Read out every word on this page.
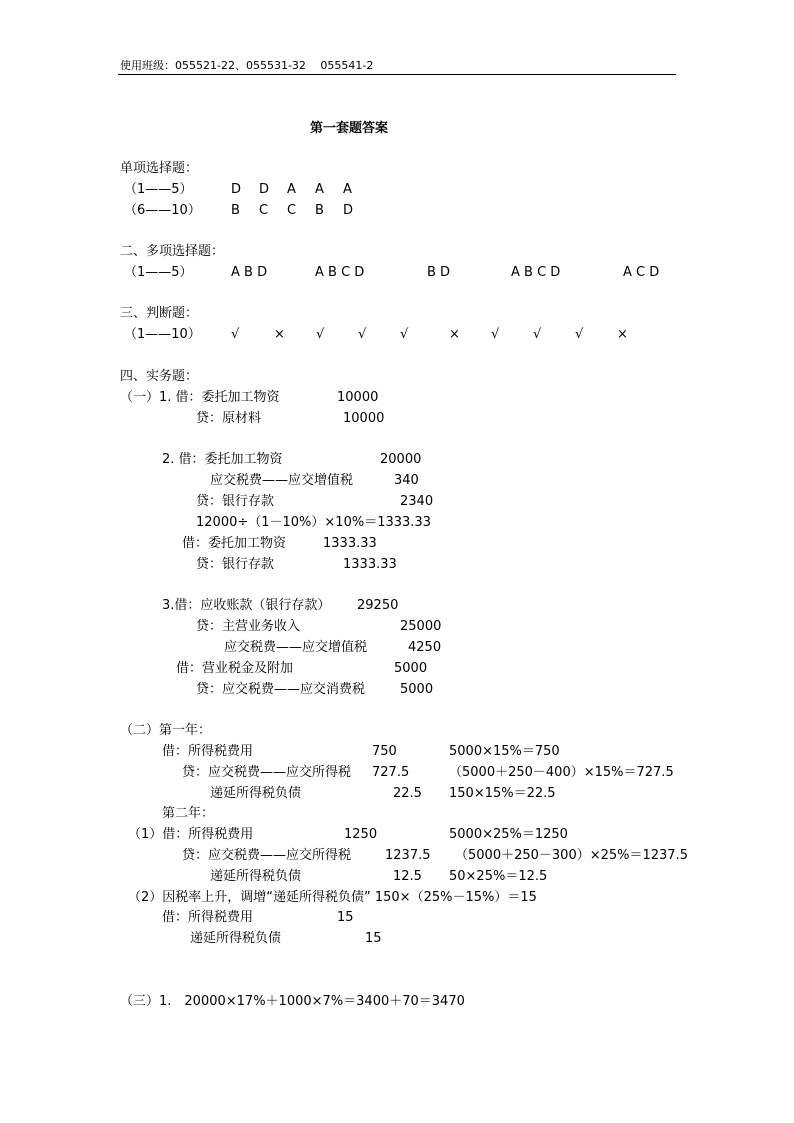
使用班级：055521-22、055531-32 　055541-2
第一套题答案
单项选择题：
（1——5）	D D A A A
（6——10） B C C B D
二、多项选择题：
（1——5）	A B D	A B C D	B D	A B C D	A C D
三、判断题：
（1——10） √	× √	√	√	× √	√	√	×
四、实务题：
（一）1. 借：委托加工物资	10000
贷：原材料	10000
2. 借：委托加工物资	20000
应交税费——应交增值税	340
贷：银行存款	2340
12000÷（1－10%）×10%＝1333.33
借：委托加工物资	1333.33
贷：银行存款	1333.33
3.借：应收账款（银行存款） 29250
贷：主营业务收入	25000
应交税费——应交增值税	4250
借：营业税金及附加	5000
贷：应交税费——应交消费税	5000
（二）第一年：
借：所得税费用	750	5000×15%＝750
贷：应交税费——应交所得税 727.5	（5000＋250－400）×15%＝727.5
递延所得税负债	22.5 150×15%＝22.5
第二年：
（1）借：所得税费用	1250	5000×25%＝1250
贷：应交税费——应交所得税	1237.5 （5000＋250－300）×25%＝1237.5
递延所得税负债	12.5 50×25%＝12.5
（2）因税率上升，调增“递延所得税负债” 150×（25%－15%）＝15
借：所得税费用	15
递延所得税负债	15
（三）1.　20000×17%＋1000×7%＝3400＋70＝3470
